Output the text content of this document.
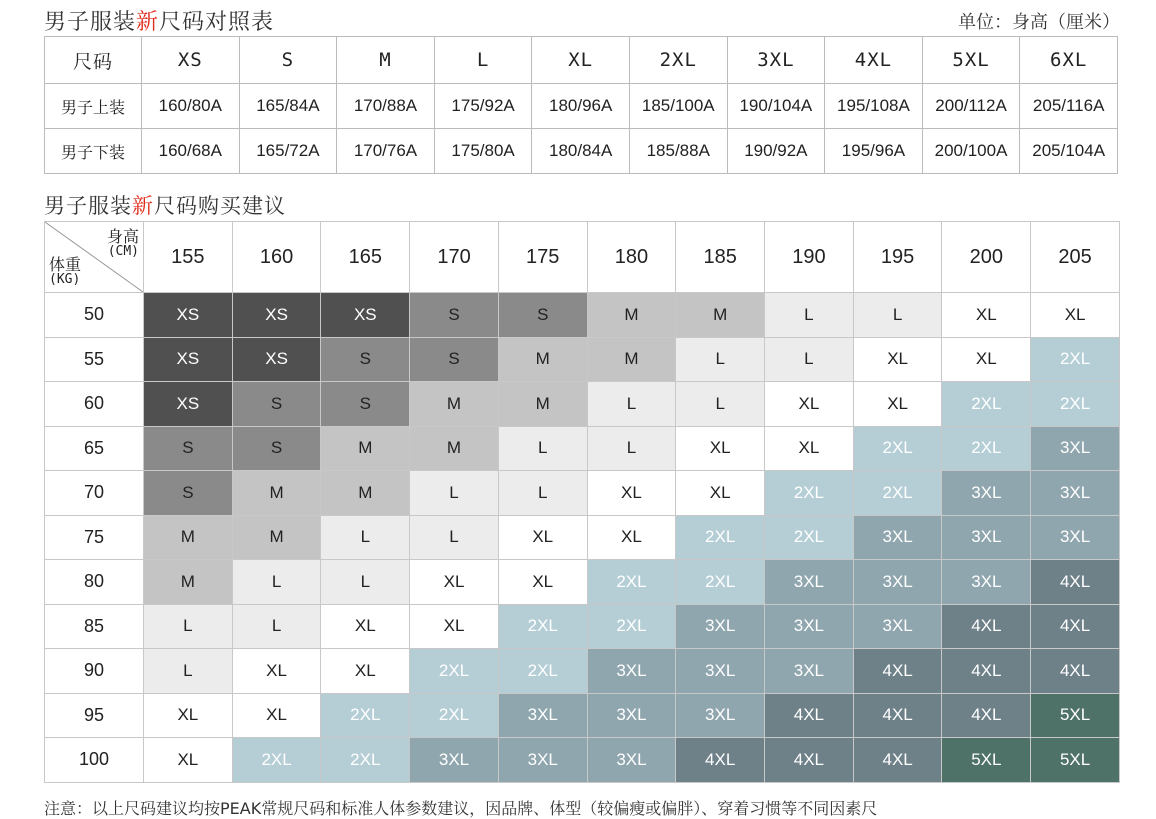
男子服装新尺码对照表	单位：身高（厘米）
尺码	XS	S	M	L	XL	2XL	3XL	4XL	5XL	6XL
男子上装	160/80A	165/84A	170/88A	175/92A	180/96A	185/100A	190/104A	195/108A	200/112A	205/116A
男子下装	160/68A	165/72A	170/76A	175/80A	180/84A	185/88A	190/92A	195/96A	200/100A	205/104A
男子服装新尺码购买建议
身高
(CM)
体重
(KG)	155	160	165	170	175	180	185	190	195	200	205
50	XS	XS	XS	S	S	M	M	L	L	XL	XL
55	XS	XS	S	S	M	M	L	L	XL	XL	2XL
60	XS	S	S	M	M	L	L	XL	XL	2XL	2XL
65	S	S	M	M	L	L	XL	XL	2XL	2XL	3XL
70	S	M	M	L	L	XL	XL	2XL	2XL	3XL	3XL
75	M	M	L	L	XL	XL	2XL	2XL	3XL	3XL	3XL
80	M	L	L	XL	XL	2XL	2XL	3XL	3XL	3XL	4XL
85	L	L	XL	XL	2XL	2XL	3XL	3XL	3XL	4XL	4XL
90	L	XL	XL	2XL	2XL	3XL	3XL	3XL	4XL	4XL	4XL
95	XL	XL	2XL	2XL	3XL	3XL	3XL	4XL	4XL	4XL	5XL
100	XL	2XL	2XL	3XL	3XL	3XL	4XL	4XL	4XL	5XL	5XL
注意：以上尺码建议均按PEAK常规尺码和标准人体参数建议，因品牌、体型（较偏瘦或偏胖）、穿着习惯等不同因素尺
